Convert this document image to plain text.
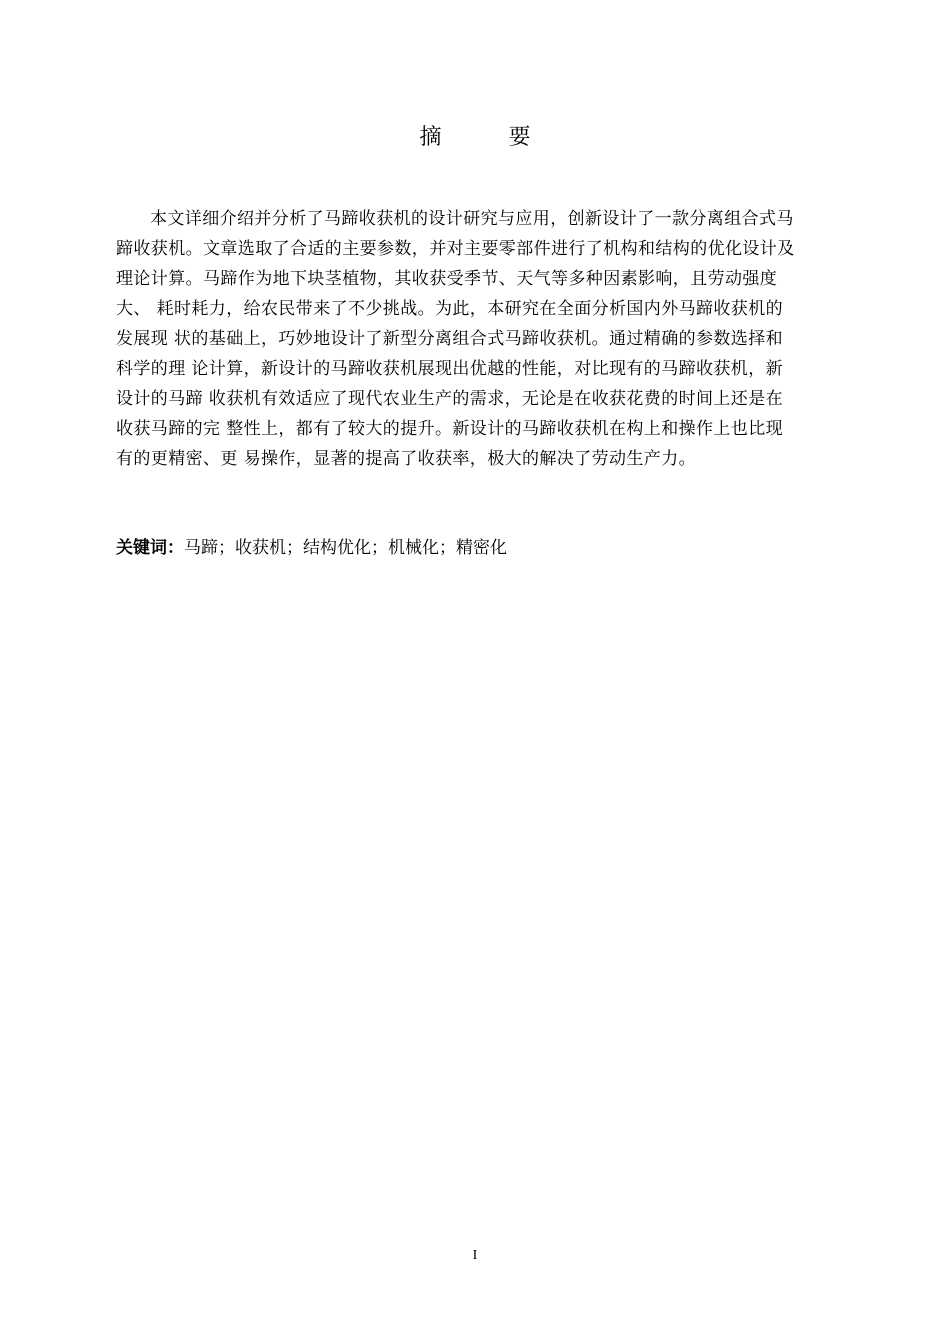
摘 要
本文详细介绍并分析了马蹄收获机的设计研究与应用，创新设计了一款分离组合式马
蹄收获机。文章选取了合适的主要参数，并对主要零部件进行了机构和结构的优化设计及
理论计算。马蹄作为地下块茎植物，其收获受季节、天气等多种因素影响，且劳动强度
大、 耗时耗力，给农民带来了不少挑战。为此，本研究在全面分析国内外马蹄收获机的
发展现 状的基础上，巧妙地设计了新型分离组合式马蹄收获机。通过精确的参数选择和
科学的理 论计算，新设计的马蹄收获机展现出优越的性能，对比现有的马蹄收获机，新
设计的马蹄 收获机有效适应了现代农业生产的需求，无论是在收获花费的时间上还是在
收获马蹄的完 整性上，都有了较大的提升。新设计的马蹄收获机在构上和操作上也比现
有的更精密、更 易操作，显著的提高了收获率，极大的解决了劳动生产力。
关键词：马蹄；收获机；结构优化；机械化；精密化
I
